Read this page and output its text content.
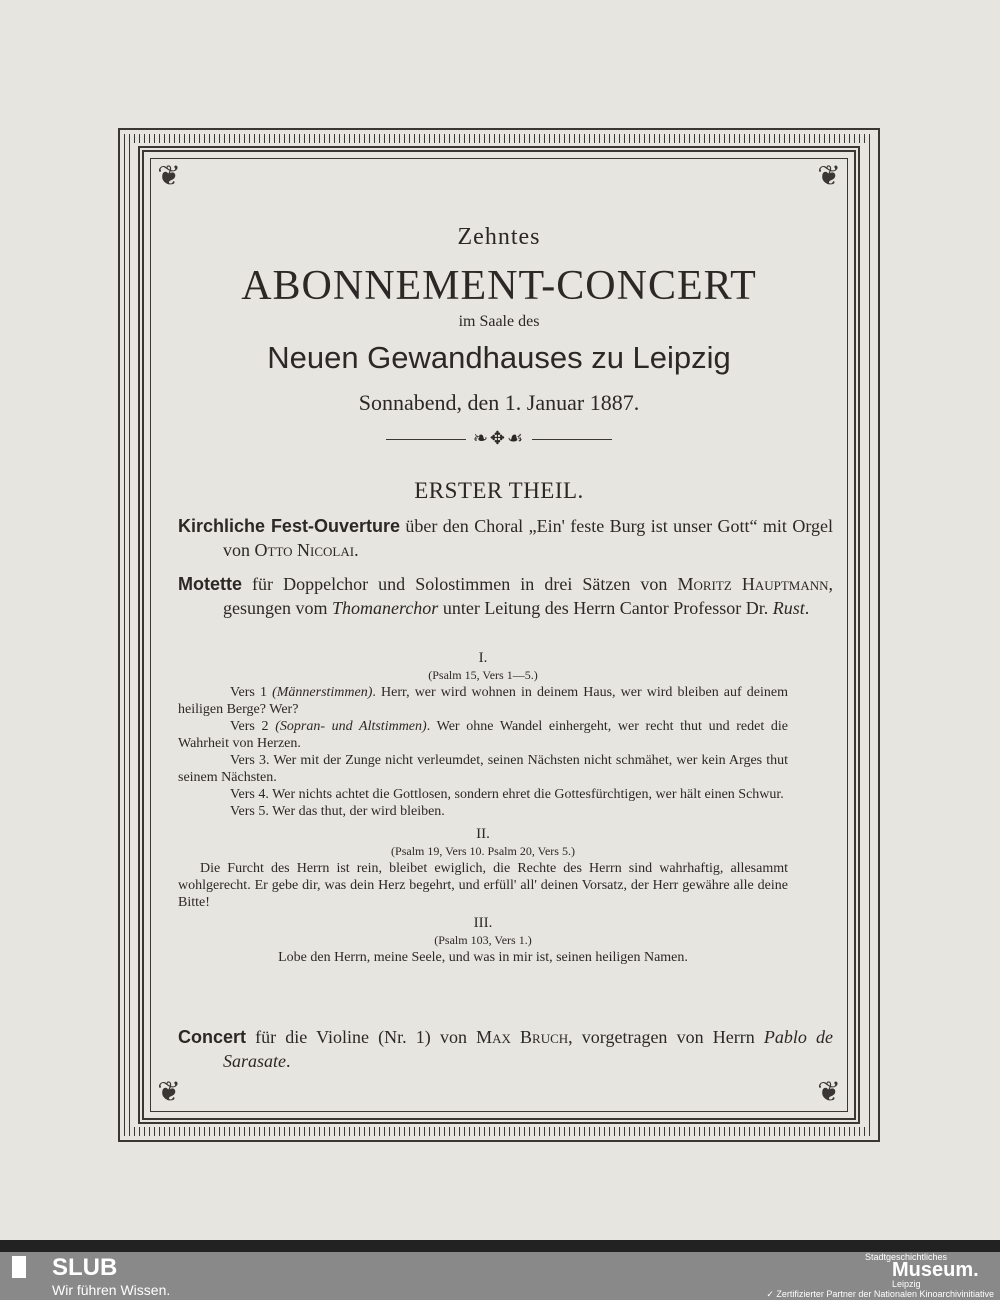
❦	❦
❦	❦
Zehntes
ABONNEMENT-CONCERT
im Saale des
Neuen Gewandhauses zu Leipzig
Sonnabend, den 1. Januar 1887.
❧✥☙
ERSTER THEIL.
Kirchliche Fest-Ouverture über den Choral „Ein' feste Burg ist unser Gott“ mit Orgel von Otto Nicolai.
Motette für Doppelchor und Solostimmen in drei Sätzen von Moritz Hauptmann, gesungen vom Thomanerchor unter Leitung des Herrn Cantor Professor Dr. Rust.

I.

(Psalm 15, Vers 1—5.)

Vers 1 (Männerstimmen). Herr, wer wird wohnen in deinem Haus, wer wird bleiben auf deinem heiligen Berge? Wer?

Vers 2 (Sopran- und Altstimmen). Wer ohne Wandel einhergeht, wer recht thut und redet die Wahrheit von Herzen.

Vers 3. Wer mit der Zunge nicht verleumdet, seinen Nächsten nicht schmähet, wer kein Arges thut seinem Nächsten.

Vers 4. Wer nichts achtet die Gottlosen, sondern ehret die Gottesfürchtigen, wer hält einen Schwur.

Vers 5. Wer das thut, der wird bleiben.

II.

(Psalm 19, Vers 10. Psalm 20, Vers 5.)

Die Furcht des Herrn ist rein, bleibet ewiglich, die Rechte des Herrn sind wahrhaftig, allesammt wohlgerecht. Er gebe dir, was dein Herz begehrt, und erfüll' all' deinen Vorsatz, der Herr gewähre alle deine Bitte!

III.

(Psalm 103, Vers 1.)

Lobe den Herrn, meine Seele, und was in mir ist, seinen heiligen Namen.

Concert für die Violine (Nr. 1) von Max Bruch, vorgetragen von Herrn Pablo de Sarasate.
SLUB
Wir führen Wissen.
Stadtgeschichtliches
Museum.
Leipzig
✓ Zertifizierter Partner der Nationalen Kinoarchivinitiative
